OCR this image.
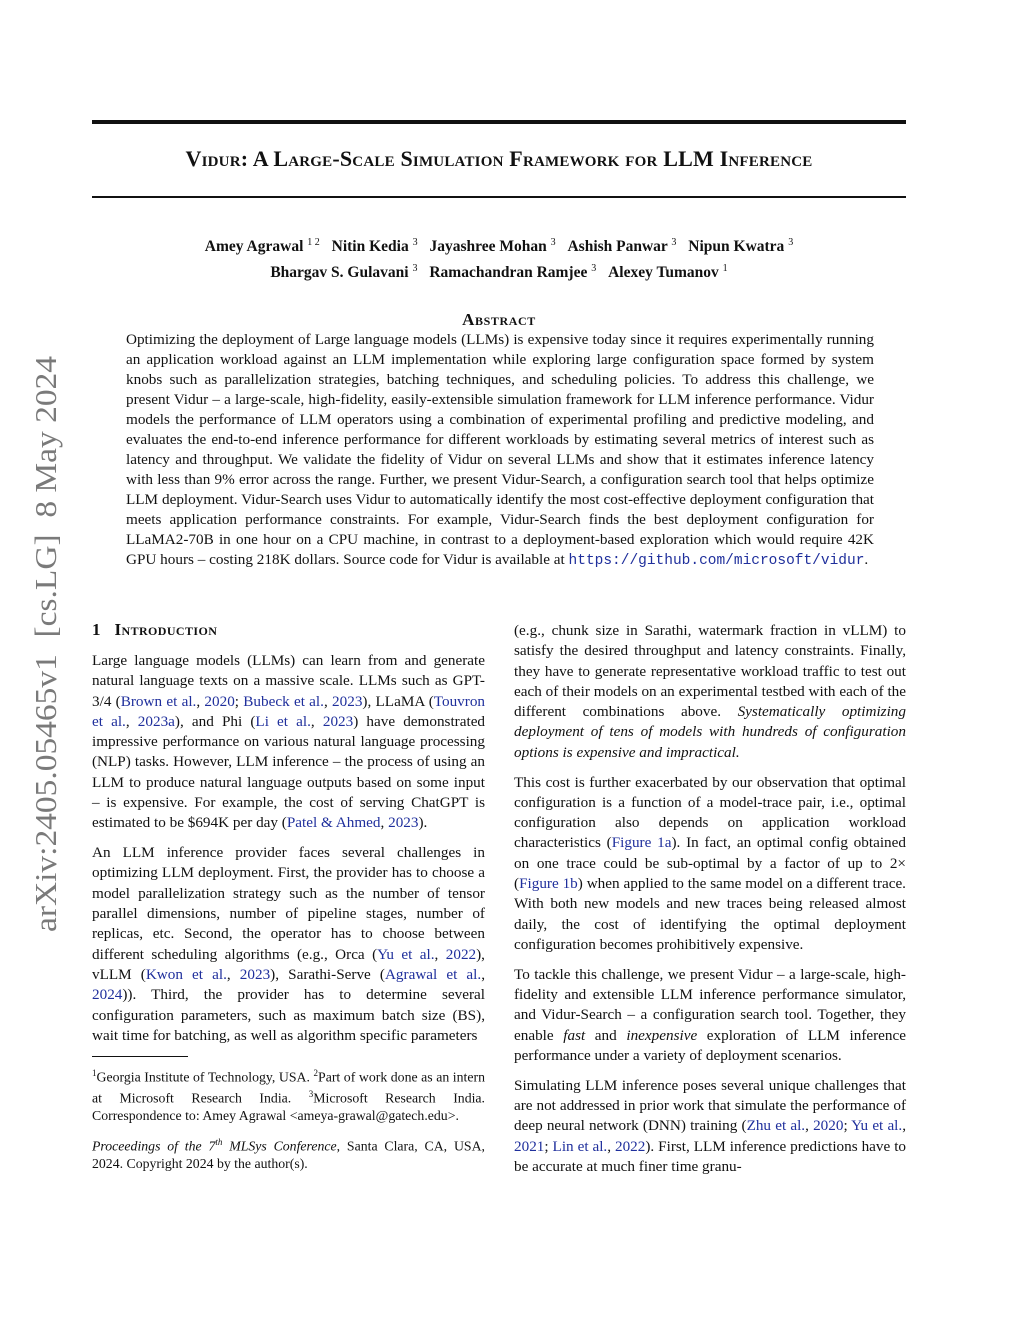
arXiv:2405.05465v1  [cs.LG]  8 May 2024
Vidur: A Large-Scale Simulation Framework for LLM Inference
Amey Agrawal $^{1 2}$ Nitin Kedia $^3$ Jayashree Mohan $^3$ Ashish Panwar $^3$ Nipun Kwatra $^3$
Bhargav S. Gulavani $^3$ Ramachandran Ramjee $^3$ Alexey Tumanov $^1$
Abstract

Optimizing the deployment of Large language models (LLMs) is expensive today since it requires experimentally running an application workload against an LLM implementation while exploring large configuration space formed by system knobs such as parallelization strategies, batching techniques, and scheduling policies. To address this challenge, we present Vidur – a large-scale, high-fidelity, easily-extensible simulation framework for LLM inference performance. Vidur models the performance of LLM operators using a combination of experimental profiling and predictive modeling, and evaluates the end-to-end inference performance for different workloads by estimating several metrics of interest such as latency and throughput. We validate the fidelity of Vidur on several LLMs and show that it estimates inference latency with less than 9% error across the range. Further, we present Vidur-Search, a configuration search tool that helps optimize LLM deployment. Vidur-Search uses Vidur to automatically identify the most cost-effective deployment configuration that meets application performance constraints. For example, Vidur-Search finds the best deployment configuration for LLaMA2-70B in one hour on a CPU machine, in contrast to a deployment-based exploration which would require 42K GPU hours – costing 218K dollars. Source code for Vidur is available at https://github.com/microsoft/vidur.

1 Introduction

Large language models (LLMs) can learn from and generate natural language texts on a massive scale. LLMs such as GPT-3/4 (Brown et al., 2020; Bubeck et al., 2023), LLaMA (Touvron et al., 2023a), and Phi (Li et al., 2023) have demonstrated impressive performance on various natural language processing (NLP) tasks. However, LLM inference – the process of using an LLM to produce natural language outputs based on some input – is expensive. For example, the cost of serving ChatGPT is estimated to be $694K per day (Patel & Ahmed, 2023).

An LLM inference provider faces several challenges in optimizing LLM deployment. First, the provider has to choose a model parallelization strategy such as the number of tensor parallel dimensions, number of pipeline stages, number of replicas, etc. Second, the operator has to choose between different scheduling algorithms (e.g., Orca (Yu et al., 2022), vLLM (Kwon et al., 2023), Sarathi-Serve (Agrawal et al., 2024)). Third, the provider has to determine several configuration parameters, such as maximum batch size (BS), wait time for batching, as well as algorithm specific parameters

$^1$Georgia Institute of Technology, USA. $^2$Part of work done as an intern at Microsoft Research India. $^3$Microsoft Research India. Correspondence to: Amey Agrawal <ameya-grawal@gatech.edu>.

Proceedings of the 7th MLSys Conference, Santa Clara, CA, USA, 2024. Copyright 2024 by the author(s).

(e.g., chunk size in Sarathi, watermark fraction in vLLM) to satisfy the desired throughput and latency constraints. Finally, they have to generate representative workload traffic to test out each of their models on an experimental testbed with each of the different combinations above. Systematically optimizing deployment of tens of models with hundreds of configuration options is expensive and impractical.

This cost is further exacerbated by our observation that optimal configuration is a function of a model-trace pair, i.e., optimal configuration also depends on application workload characteristics (Figure 1a). In fact, an optimal config obtained on one trace could be sub-optimal by a factor of up to 2× (Figure 1b) when applied to the same model on a different trace. With both new models and new traces being released almost daily, the cost of identifying the optimal deployment configuration becomes prohibitively expensive.

To tackle this challenge, we present Vidur – a large-scale, high-fidelity and extensible LLM inference performance simulator, and Vidur-Search – a configuration search tool. Together, they enable fast and inexpensive exploration of LLM inference performance under a variety of deployment scenarios.

Simulating LLM inference poses several unique challenges that are not addressed in prior work that simulate the performance of deep neural network (DNN) training (Zhu et al., 2020; Yu et al., 2021; Lin et al., 2022). First, LLM inference predictions have to be accurate at much finer time granu-
